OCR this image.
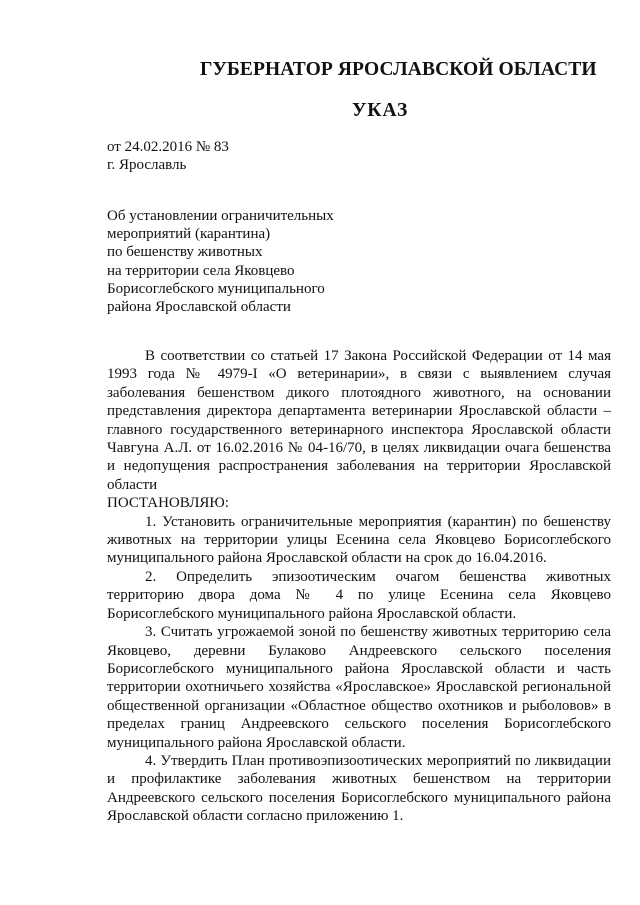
ГУБЕРНАТОР ЯРОСЛАВСКОЙ ОБЛАСТИ
УКАЗ
от 24.02.2016 № 83
г. Ярославль
Об установлении ограничительных
мероприятий (карантина)
по бешенству животных
на территории села Яковцево
Борисоглебского муниципального
района Ярославской области

В соответствии со статьей 17 Закона Российской Федерации от 14 мая 1993 года № 4979-I «О ветеринарии», в связи с выявлением случая заболевания бешенством дикого плотоядного животного, на основании представления директора департамента ветеринарии Ярославской области – главного государственного ветеринарного инспектора Ярославской области Чавгуна А.Л. от 16.02.2016 № 04-16/70, в целях ликвидации очага бешенства и недопущения распространения заболевания на территории Ярославской области

ПОСТАНОВЛЯЮ:

1. Установить ограничительные мероприятия (карантин) по бешенству животных на территории улицы Есенина села Яковцево Борисоглебского муниципального района Ярославской области на срок до 16.04.2016.

2. Определить эпизоотическим очагом бешенства животных территорию двора дома № 4 по улице Есенина села Яковцево Борисоглебского муниципального района Ярославской области.

3. Считать угрожаемой зоной по бешенству животных территорию села Яковцево, деревни Булаково Андреевского сельского поселения Борисоглебского муниципального района Ярославской области и часть территории охотничьего хозяйства «Ярославское» Ярославской региональной общественной организации «Областное общество охотников и рыболовов» в пределах границ Андреевского сельского поселения Борисоглебского муниципального района Ярославской области.

4. Утвердить План противоэпизоотических мероприятий по ликвидации и профилактике заболевания животных бешенством на территории Андреевского сельского поселения Борисоглебского муниципального района Ярославской области согласно приложению 1.
